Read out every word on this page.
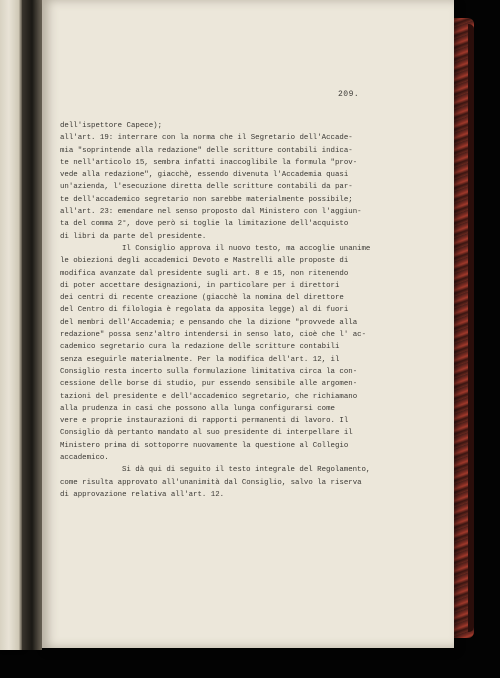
209.
dell'ispettore Capece);
all'art. 19: interrare con la norma che il Segretario dell'Accade-
mia "soprintende alla redazione" delle scritture contabili indica-
te nell'articolo 15, sembra infatti inaccoglibile la formula "prov-
vede alla redazione", giacchè, essendo divenuta l'Accademia quasi
un'azienda, l'esecuzione diretta delle scritture contabili da par-
te dell'accademico segretario non sarebbe materialmente possibile;
all'art. 23: emendare nel senso proposto dal Ministero con l'aggiun-
ta del comma 2°, dove però si toglie la limitazione dell'acquisto
di libri da parte del presidente.
Il Consiglio approva il nuovo testo, ma accoglie unanime
le obiezioni degli accademici Devoto e Mastrelli alle proposte di
modifica avanzate dal presidente sugli art. 8 e 15, non ritenendo
di poter accettare designazioni, in particolare per i direttori
dei centri di recente creazione (giacchè la nomina del direttore
del Centro di filologia è regolata da apposita legge) al di fuori
del membri dell'Accademia; e pensando che la dizione "provvede alla
redazione" possa senz'altro intendersi in senso lato, cioè che l' ac-
cademico segretario cura la redazione delle scritture contabili
senza eseguirle materialmente. Per la modifica dell'art. 12, il
Consiglio resta incerto sulla formulazione limitativa circa la con-
cessione delle borse di studio, pur essendo sensibile alle argomen-
tazioni del presidente e dell'accademico segretario, che richiamano
alla prudenza in casi che possono alla lunga configurarsi come
vere e proprie instaurazioni di rapporti permanenti di lavoro. Il
Consiglio dà pertanto mandato al suo presidente di interpellare il
Ministero prima di sottoporre nuovamente la questione al Collegio
accademico.
Si dà qui di seguito il testo integrale del Regolamento,
come risulta approvato all'unanimità dal Consiglio, salvo la riserva
di approvazione relativa all'art. 12.
